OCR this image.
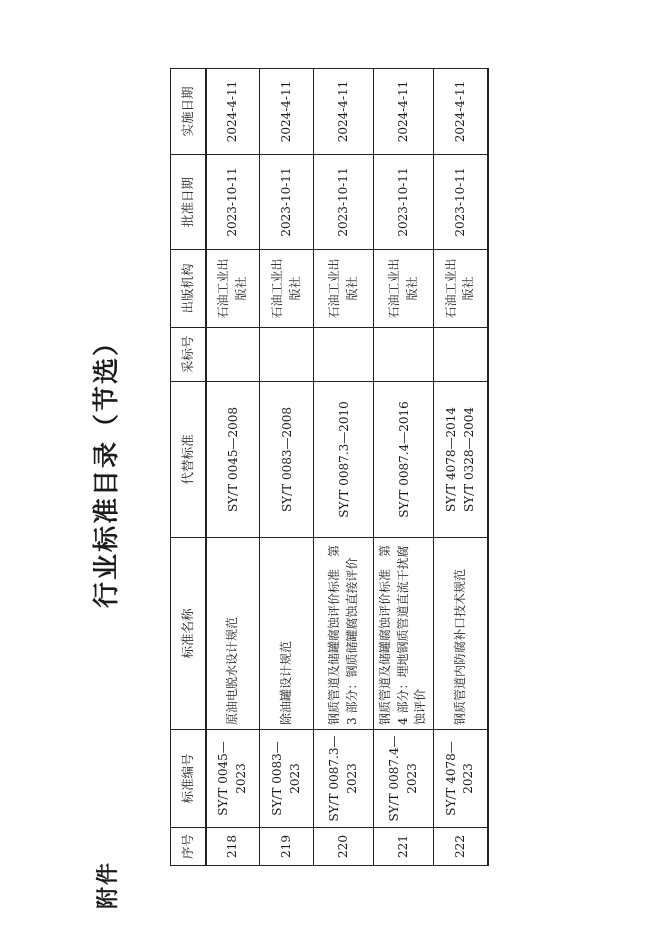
附件
行业标准目录（节选）
序号	标准编号	标准名称	代替标准	采标号	出版机构	批准日期	实施日期
218	SY/T 0045—2023	原油电脱水设计规范	SY/T 0045—2008		石油工业出版社	2023-10-11	2024-4-11
219	SY/T 0083—2023	除油罐设计规范	SY/T 0083—2008		石油工业出版社	2023-10-11	2024-4-11
220	SY/T 0087.3—2023	钢质管道及储罐腐蚀评价标准　第 3 部分：钢质储罐腐蚀直接评价	SY/T 0087.3—2010		石油工业出版社	2023-10-11	2024-4-11
221	SY/T 0087.4—2023	钢质管道及储罐腐蚀评价标准　第 4 部分：埋地钢质管道直流干扰腐蚀评价	SY/T 0087.4—2016		石油工业出版社	2023-10-11	2024-4-11
222	SY/T 4078—2023	钢质管道内防腐补口技术规范	SY/T 4078—2014 SY/T 0328—2004		石油工业出版社	2023-10-11	2024-4-11
